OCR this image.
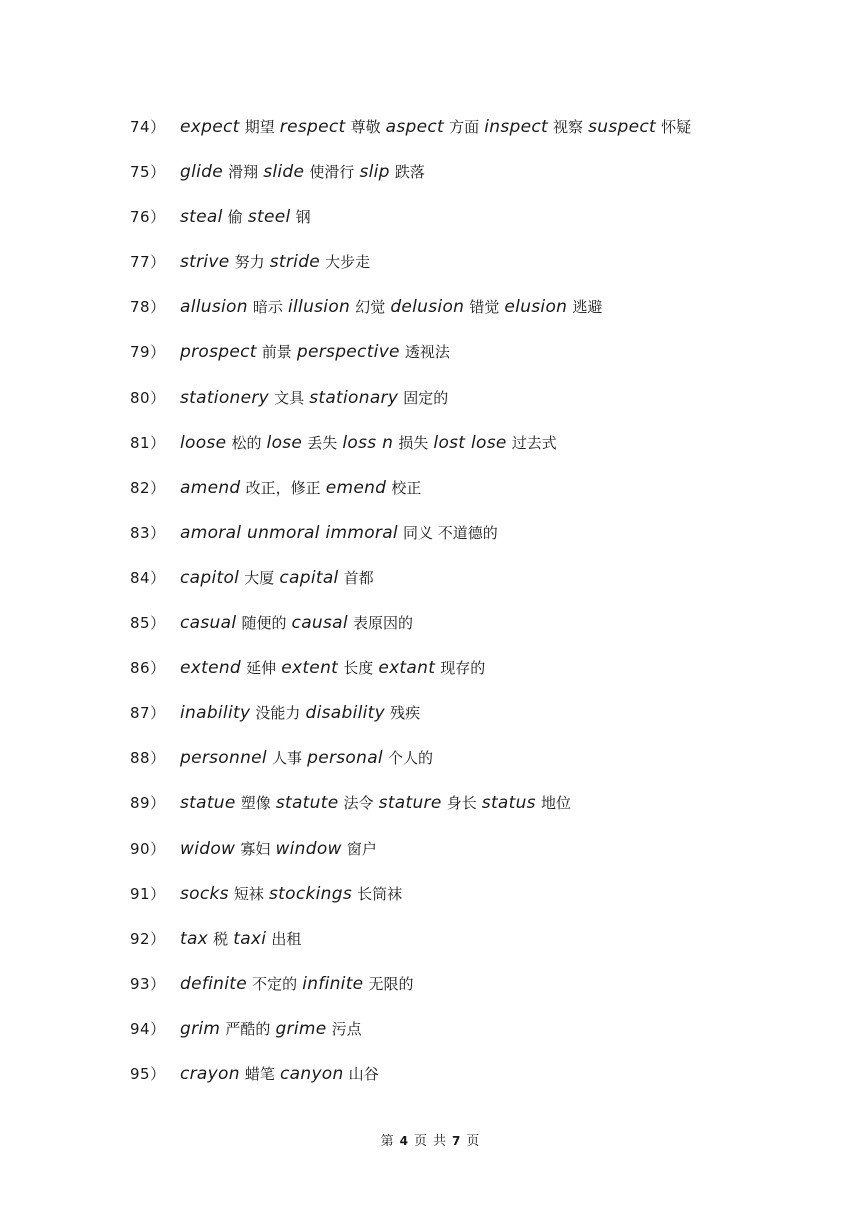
74） expect 期望 respect 尊敬 aspect 方面 inspect 视察 suspect 怀疑
75） glide 滑翔 slide 使滑行 slip 跌落
76） steal 偷 steel 钢
77） strive 努力 stride 大步走
78） allusion 暗示 illusion 幻觉 delusion 错觉 elusion 逃避
79） prospect 前景 perspective 透视法
80） stationery 文具 stationary 固定的
81） loose 松的 lose 丢失 loss n 损失 lost lose 过去式
82） amend 改正，修正 emend 校正
83） amoral unmoral immoral 同义 不道德的
84） capitol 大厦 capital 首都
85） casual 随便的 causal 表原因的
86） extend 延伸 extent 长度 extant 现存的
87） inability 没能力 disability 残疾
88） personnel 人事 personal 个人的
89） statue 塑像 statute 法令 stature 身长 status 地位
90） widow 寡妇 window 窗户
91） socks 短袜 stockings 长筒袜
92） tax 税 taxi 出租
93） definite 不定的 infinite 无限的
94） grim 严酷的 grime 污点
95） crayon 蜡笔 canyon 山谷
第 4 页 共 7 页
